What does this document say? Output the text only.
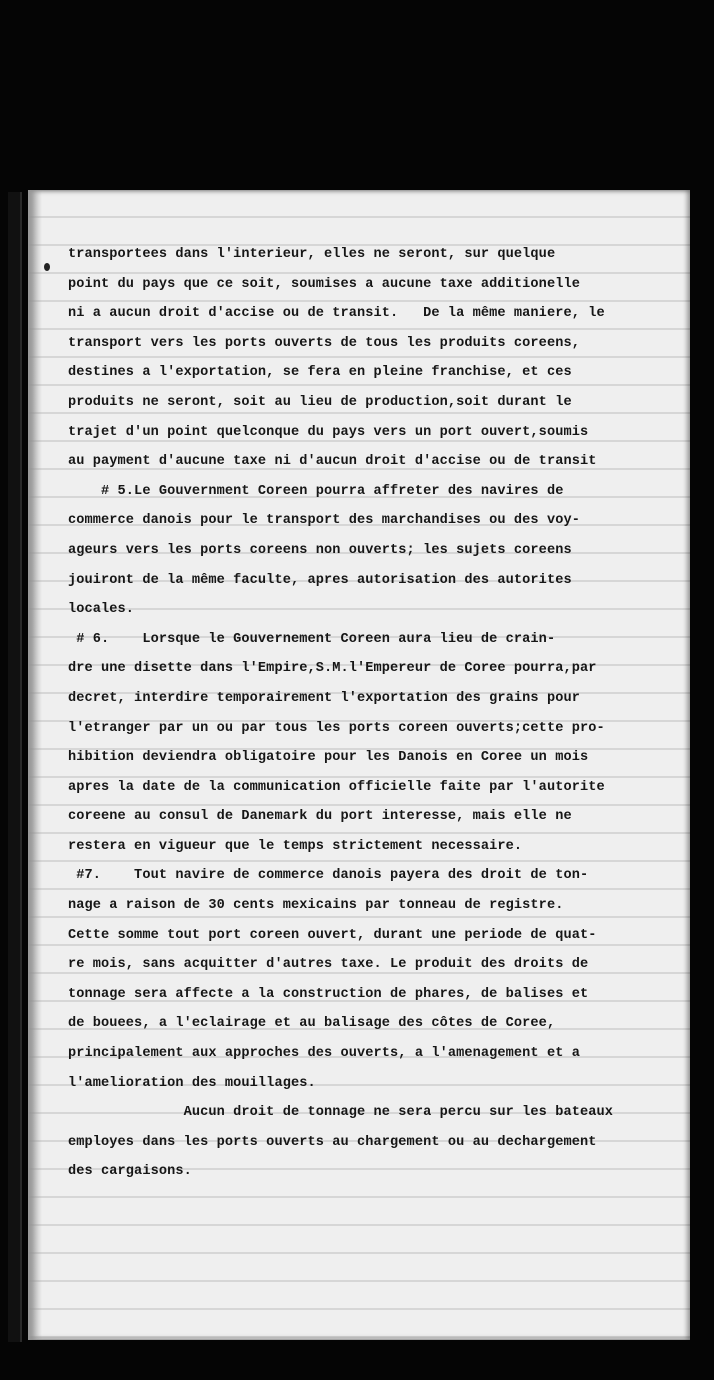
transportees dans l'interieur, elles ne seront, sur quelque
point du pays que ce soit, soumises a aucune taxe additionelle
ni a aucun droit d'accise ou de transit.   De la même maniere, le
transport vers les ports ouverts de tous les produits coreens,
destines a l'exportation, se fera en pleine franchise, et ces
produits ne seront, soit au lieu de production,soit durant le
trajet d'un point quelconque du pays vers un port ouvert,soumis
au payment d'aucune taxe ni d'aucun droit d'accise ou de transit
# 5.Le Gouvernment Coreen pourra affreter des navires de
commerce danois pour le transport des marchandises ou des voy-
ageurs vers les ports coreens non ouverts; les sujets coreens
jouiront de la même faculte, apres autorisation des autorites
locales.
# 6.    Lorsque le Gouvernement Coreen aura lieu de crain-
dre une disette dans l'Empire,S.M.l'Empereur de Coree pourra,par
decret, interdire temporairement l'exportation des grains pour
l'etranger par un ou par tous les ports coreen ouverts;cette pro-
hibition deviendra obligatoire pour les Danois en Coree un mois
apres la date de la communication officielle faite par l'autorite
coreene au consul de Danemark du port interesse, mais elle ne
restera en vigueur que le temps strictement necessaire.
#7.    Tout navire de commerce danois payera des droit de ton-
nage a raison de 30 cents mexicains par tonneau de registre.
Cette somme tout port coreen ouvert, durant une periode de quat-
re mois, sans acquitter d'autres taxe. Le produit des droits de
tonnage sera affecte a la construction de phares, de balises et
de bouees, a l'eclairage et au balisage des côtes de Coree,
principalement aux approches des ouverts, a l'amenagement et a
l'amelioration des mouillages.
Aucun droit de tonnage ne sera percu sur les bateaux
employes dans les ports ouverts au chargement ou au dechargement
des cargaisons.
